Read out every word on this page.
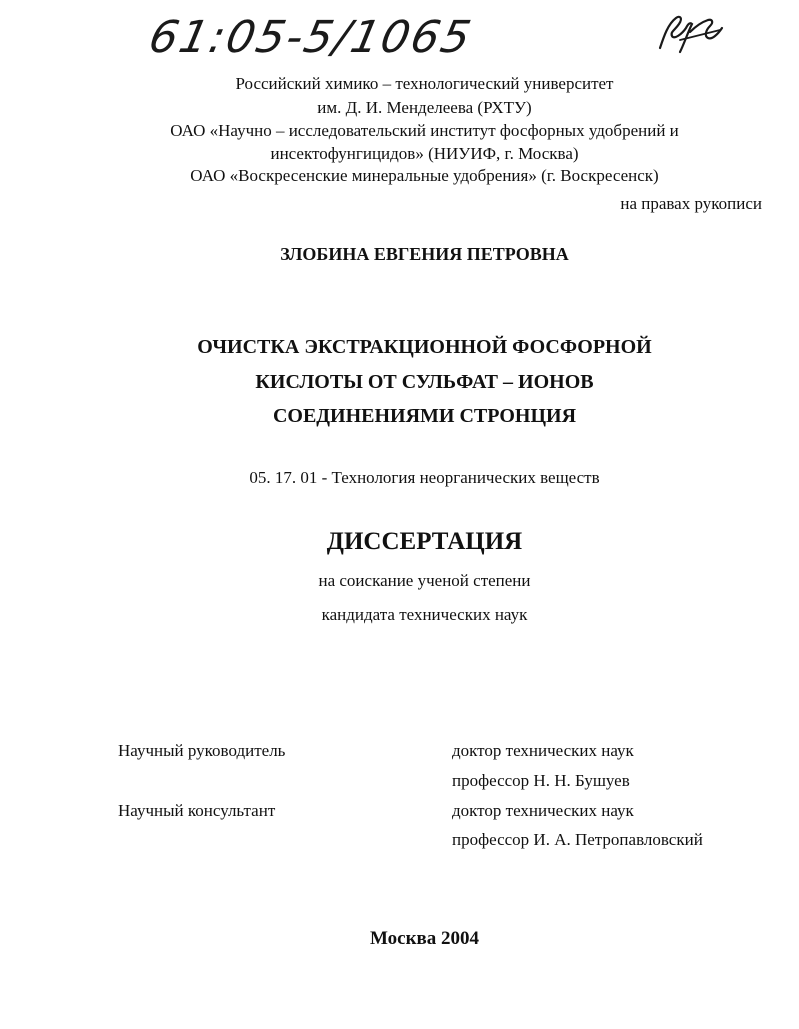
61:05-5/1065
Российский химико – технологический университет
им. Д. И. Менделеева (РХТУ)
ОАО «Научно – исследовательский институт фосфорных удобрений и
инсектофунгицидов» (НИУИФ, г. Москва)
ОАО «Воскресенские минеральные удобрения» (г. Воскресенск)
на правах рукописи
ЗЛОБИНА ЕВГЕНИЯ ПЕТРОВНА
ОЧИСТКА ЭКСТРАКЦИОННОЙ ФОСФОРНОЙ
КИСЛОТЫ ОТ СУЛЬФАТ – ИОНОВ
СОЕДИНЕНИЯМИ СТРОНЦИЯ
05. 17. 01 - Технология неорганических веществ
ДИССЕРТАЦИЯ
на соискание ученой степени
кандидата технических наук
Научный руководитель	доктор технических наук
профессор Н. Н. Бушуев
Научный консультант	доктор технических наук
профессор И. А. Петропавловский
Москва 2004
